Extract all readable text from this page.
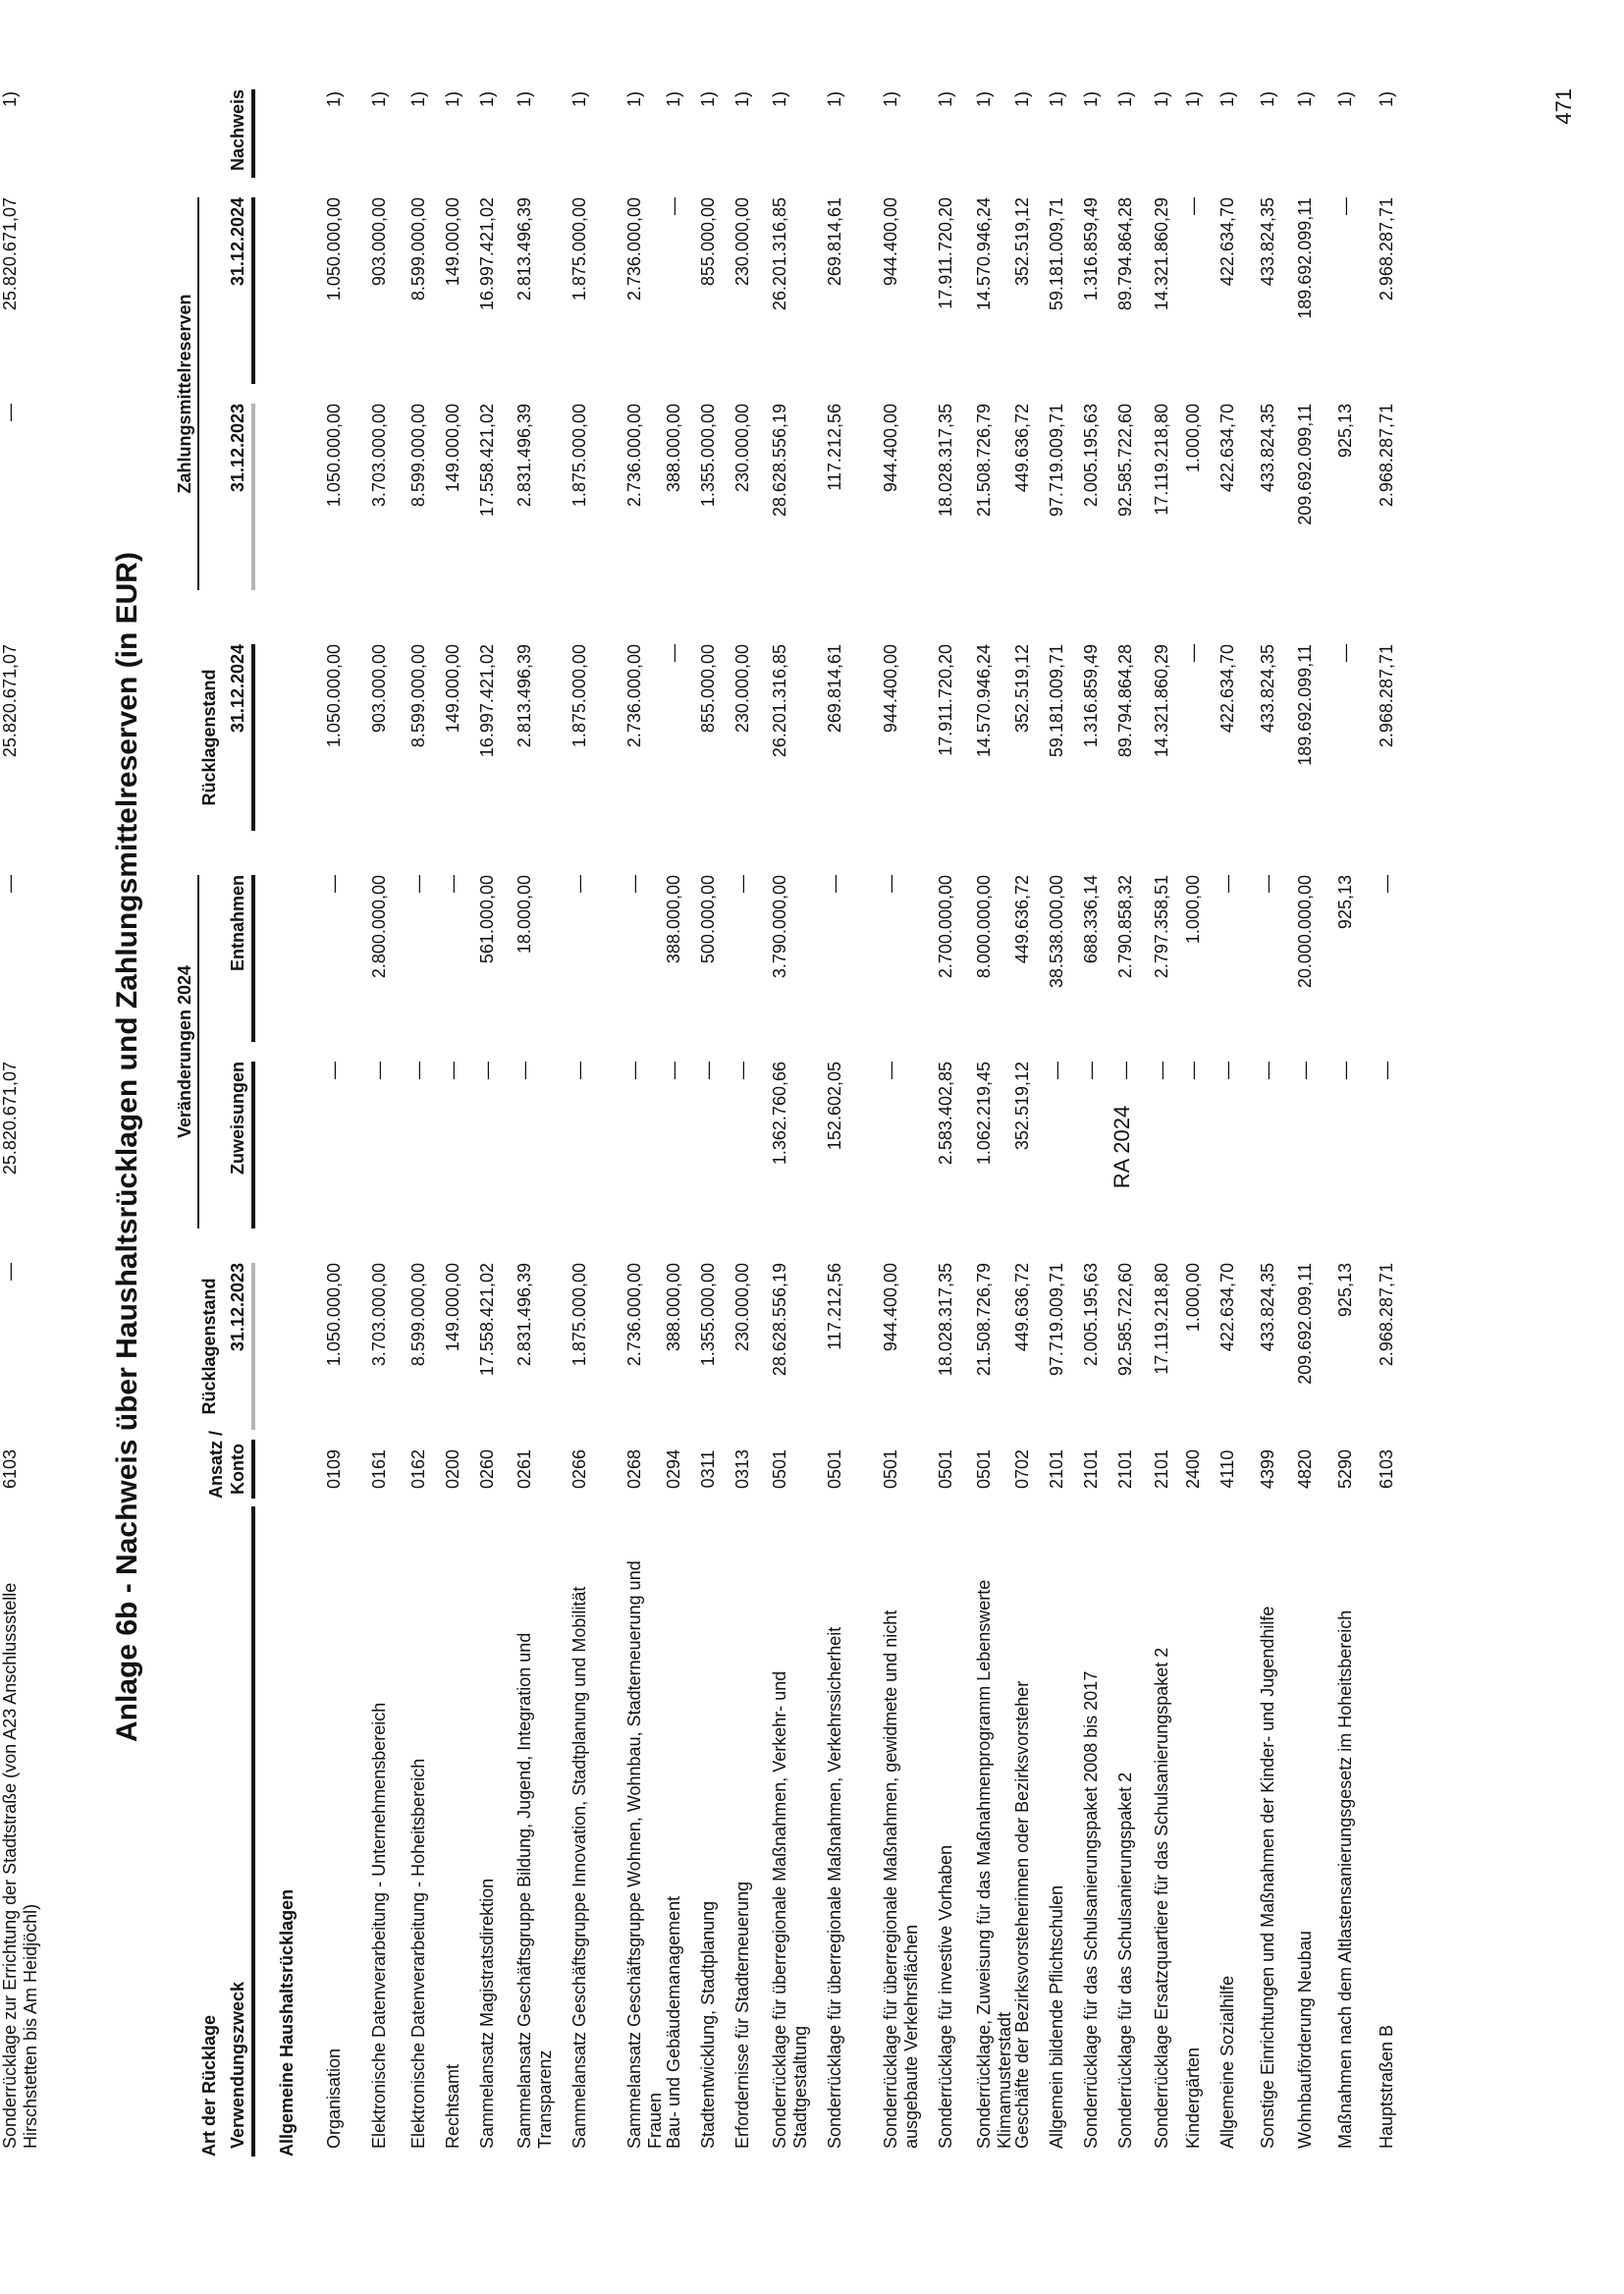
Anlage 6b - Nachweis über Haushaltsrücklagen und Zahlungsmittelreserven (in EUR)
Art der Rücklage Verwendungszweck
Ansatz / Konto
Rücklagenstand 31.12.2023
Veränderungen 2024 Zuweisungen
Entnahmen
Rücklagenstand 31.12.2024
Zahlungsmittelreserven 31.12.2023
31.12.2024
Nachweis
Allgemeine Haushaltsrücklagen Organisation
0109
1.050.000,00
—
—
1.050.000,00
1.050.000,00
1.050.000,00
1)
Elektronische Datenverarbeitung - Unternehmensbereich
0161
3.703.000,00
—
2.800.000,00
903.000,00
3.703.000,00
903.000,00
1)
Elektronische Datenverarbeitung - Hoheitsbereich
0162
8.599.000,00
—
—
8.599.000,00
8.599.000,00
8.599.000,00
1)
Rechtsamt
0200
149.000,00
—
—
149.000,00
149.000,00
149.000,00
1)
Sammelansatz Magistratsdirektion
0260
17.558.421,02
—
561.000,00
16.997.421,02
17.558.421,02
16.997.421,02
1)
Sammelansatz Geschäftsgruppe Bildung, Jugend, Integration und Transparenz
0261
2.831.496,39
—
18.000,00
2.813.496,39
2.831.496,39
2.813.496,39
1)
Sammelansatz Geschäftsgruppe Innovation, Stadtplanung und Mobilität
0266
1.875.000,00
—
—
1.875.000,00
1.875.000,00
1.875.000,00
1)
Sammelansatz Geschäftsgruppe Wohnen, Wohnbau, Stadterneuerung und Frauen
0268
2.736.000,00
—
—
2.736.000,00
2.736.000,00
2.736.000,00
1)
Bau- und Gebäudemanagement
0294
388.000,00
—
388.000,00
—
388.000,00
—
1)
Stadtentwicklung, Stadtplanung
0311
1.355.000,00
—
500.000,00
855.000,00
1.355.000,00
855.000,00
1)
Erfordernisse für Stadterneuerung
0313
230.000,00
—
—
230.000,00
230.000,00
230.000,00
1)
Sonderrücklage für überregionale Maßnahmen, Verkehr- und Stadtgestaltung
0501
28.628.556,19
1.362.760,66
3.790.000,00
26.201.316,85
28.628.556,19
26.201.316,85
1)
Sonderrücklage für überregionale Maßnahmen, Verkehrssicherheit
0501
117.212,56
152.602,05
—
269.814,61
117.212,56
269.814,61
1)
Sonderrücklage für überregionale Maßnahmen, gewidmete und nicht ausgebaute Verkehrsflächen
0501
944.400,00
—
—
944.400,00
944.400,00
944.400,00
1)
Sonderrücklage für investive Vorhaben
0501
18.028.317,35
2.583.402,85
2.700.000,00
17.911.720,20
18.028.317,35
17.911.720,20
1)
Sonderrücklage, Zuweisung für das Maßnahmenprogramm Lebenswerte Klimamusterstadt
0501
21.508.726,79
1.062.219,45
8.000.000,00
14.570.946,24
21.508.726,79
14.570.946,24
1)
Geschäfte der Bezirksvorsteherinnen oder Bezirksvorsteher
0702
449.636,72
352.519,12
449.636,72
352.519,12
449.636,72
352.519,12
1)
Allgemein bildende Pflichtschulen
2101
97.719.009,71
—
38.538.000,00
59.181.009,71
97.719.009,71
59.181.009,71
1)
Sonderrücklage für das Schulsanierungspaket 2008 bis 2017
2101
2.005.195,63
—
688.336,14
1.316.859,49
2.005.195,63
1.316.859,49
1)
Sonderrücklage für das Schulsanierungspaket 2
2101
92.585.722,60
—
2.790.858,32
89.794.864,28
92.585.722,60
89.794.864,28
1)
Sonderrücklage Ersatzquartiere für das Schulsanierungspaket 2
2101
17.119.218,80
—
2.797.358,51
14.321.860,29
17.119.218,80
14.321.860,29
1)
Kindergärten
2400
1.000,00
—
1.000,00
—
1.000,00
—
1)
Allgemeine Sozialhilfe
4110
422.634,70
—
—
422.634,70
422.634,70
422.634,70
1)
Sonstige Einrichtungen und Maßnahmen der Kinder- und Jugendhilfe
4399
433.824,35
—
—
433.824,35
433.824,35
433.824,35
1)
Wohnbauförderung Neubau
4820
209.692.099,11
—
20.000.000,00
189.692.099,11
209.692.099,11
189.692.099,11
1)
Maßnahmen nach dem Altlastensanierungsgesetz im Hoheitsbereich
5290
925,13
—
925,13
—
925,13
—
1)
Hauptstraßen B
6103
2.968.287,71
—
—
2.968.287,71
2.968.287,71
2.968.287,71
1)
Sonderrücklage zur Errichtung der Stadtstraße (von A23 Anschlussstelle Hirschstetten bis Am Heidjöchl)
6103
—
25.820.671,07
—
25.820.671,07
—
25.820.671,07
1)
RA 2024
471
